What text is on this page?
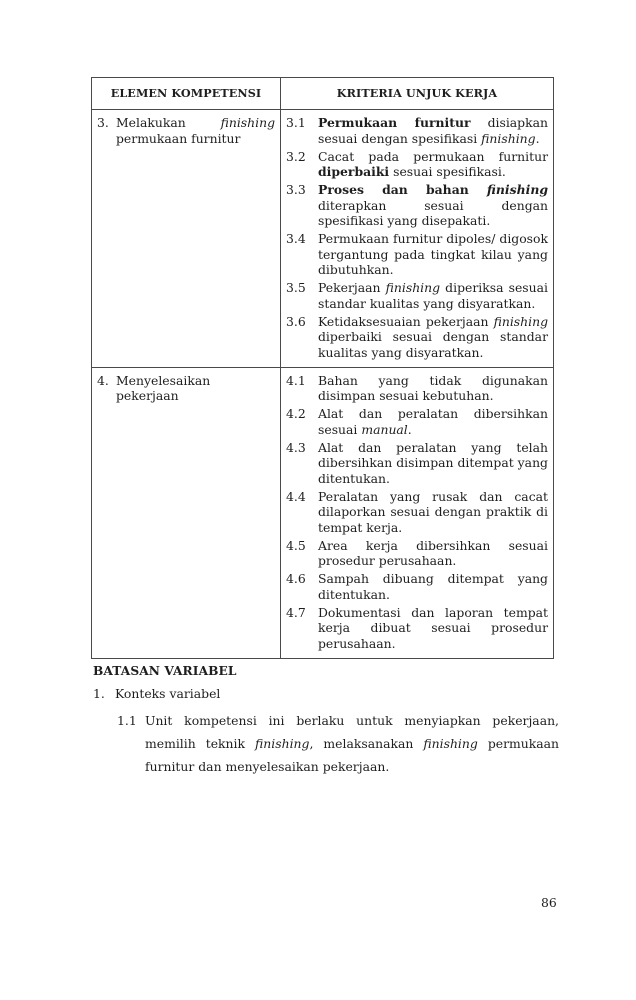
ELEMEN KOMPETENSI	KRITERIA UNJUK KERJA
3. Melakukan	finishing
permukaan furnitur
3.1 Permukaan furnitur disiapkan sesuai dengan spesifikasi finishing.
3.2 Cacat pada permukaan furnitur diperbaiki sesuai spesifikasi.
3.3 Proses dan bahan finishing diterapkan sesuai dengan spesifikasi yang disepakati.
3.4 Permukaan furnitur dipoles/ digosok tergantung pada tingkat kilau yang dibutuhkan.
3.5 Pekerjaan finishing diperiksa sesuai standar kualitas yang disyaratkan.
3.6 Ketidaksesuaian pekerjaan finishing diperbaiki sesuai dengan standar kualitas yang disyaratkan.
4. Menyelesaikan pekerjaan
4.1 Bahan yang tidak digunakan disimpan sesuai kebutuhan.
4.2 Alat dan peralatan dibersihkan sesuai manual.
4.3 Alat dan peralatan yang telah dibersihkan disimpan ditempat yang ditentukan.
4.4 Peralatan yang rusak dan cacat dilaporkan sesuai dengan praktik di tempat kerja.
4.5 Area kerja dibersihkan sesuai prosedur perusahaan.
4.6 Sampah dibuang ditempat yang ditentukan.
4.7 Dokumentasi dan laporan tempat kerja dibuat sesuai prosedur perusahaan.
BATASAN VARIABEL
1. Konteks variabel
1.1 Unit kompetensi ini berlaku untuk menyiapkan pekerjaan, memilih teknik finishing, melaksanakan finishing permukaan furnitur dan menyelesaikan pekerjaan.
86
